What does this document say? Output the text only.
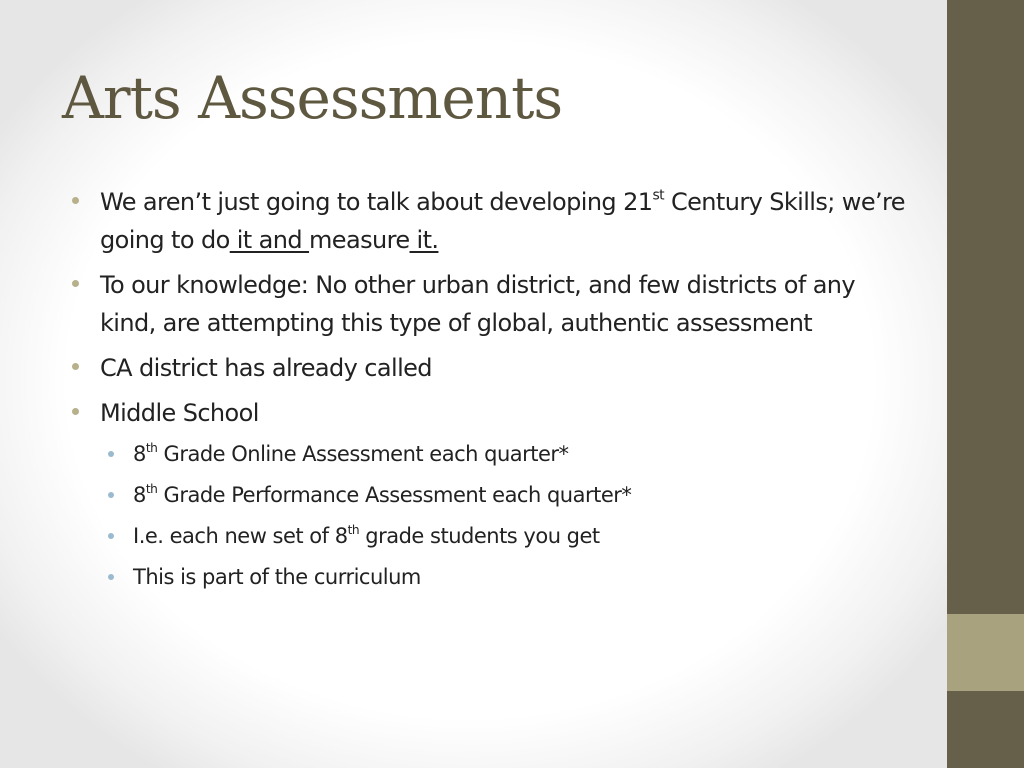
Arts Assessments
We aren’t just going to talk about developing 21st Century Skills; we’re going to do it and measure it.
To our knowledge: No other urban district, and few districts of any kind, are attempting this type of global, authentic assessment
CA district has already called
Middle School
8th Grade Online Assessment each quarter*
8th Grade Performance Assessment each quarter*
I.e. each new set of 8th grade students you get
This is part of the curriculum
